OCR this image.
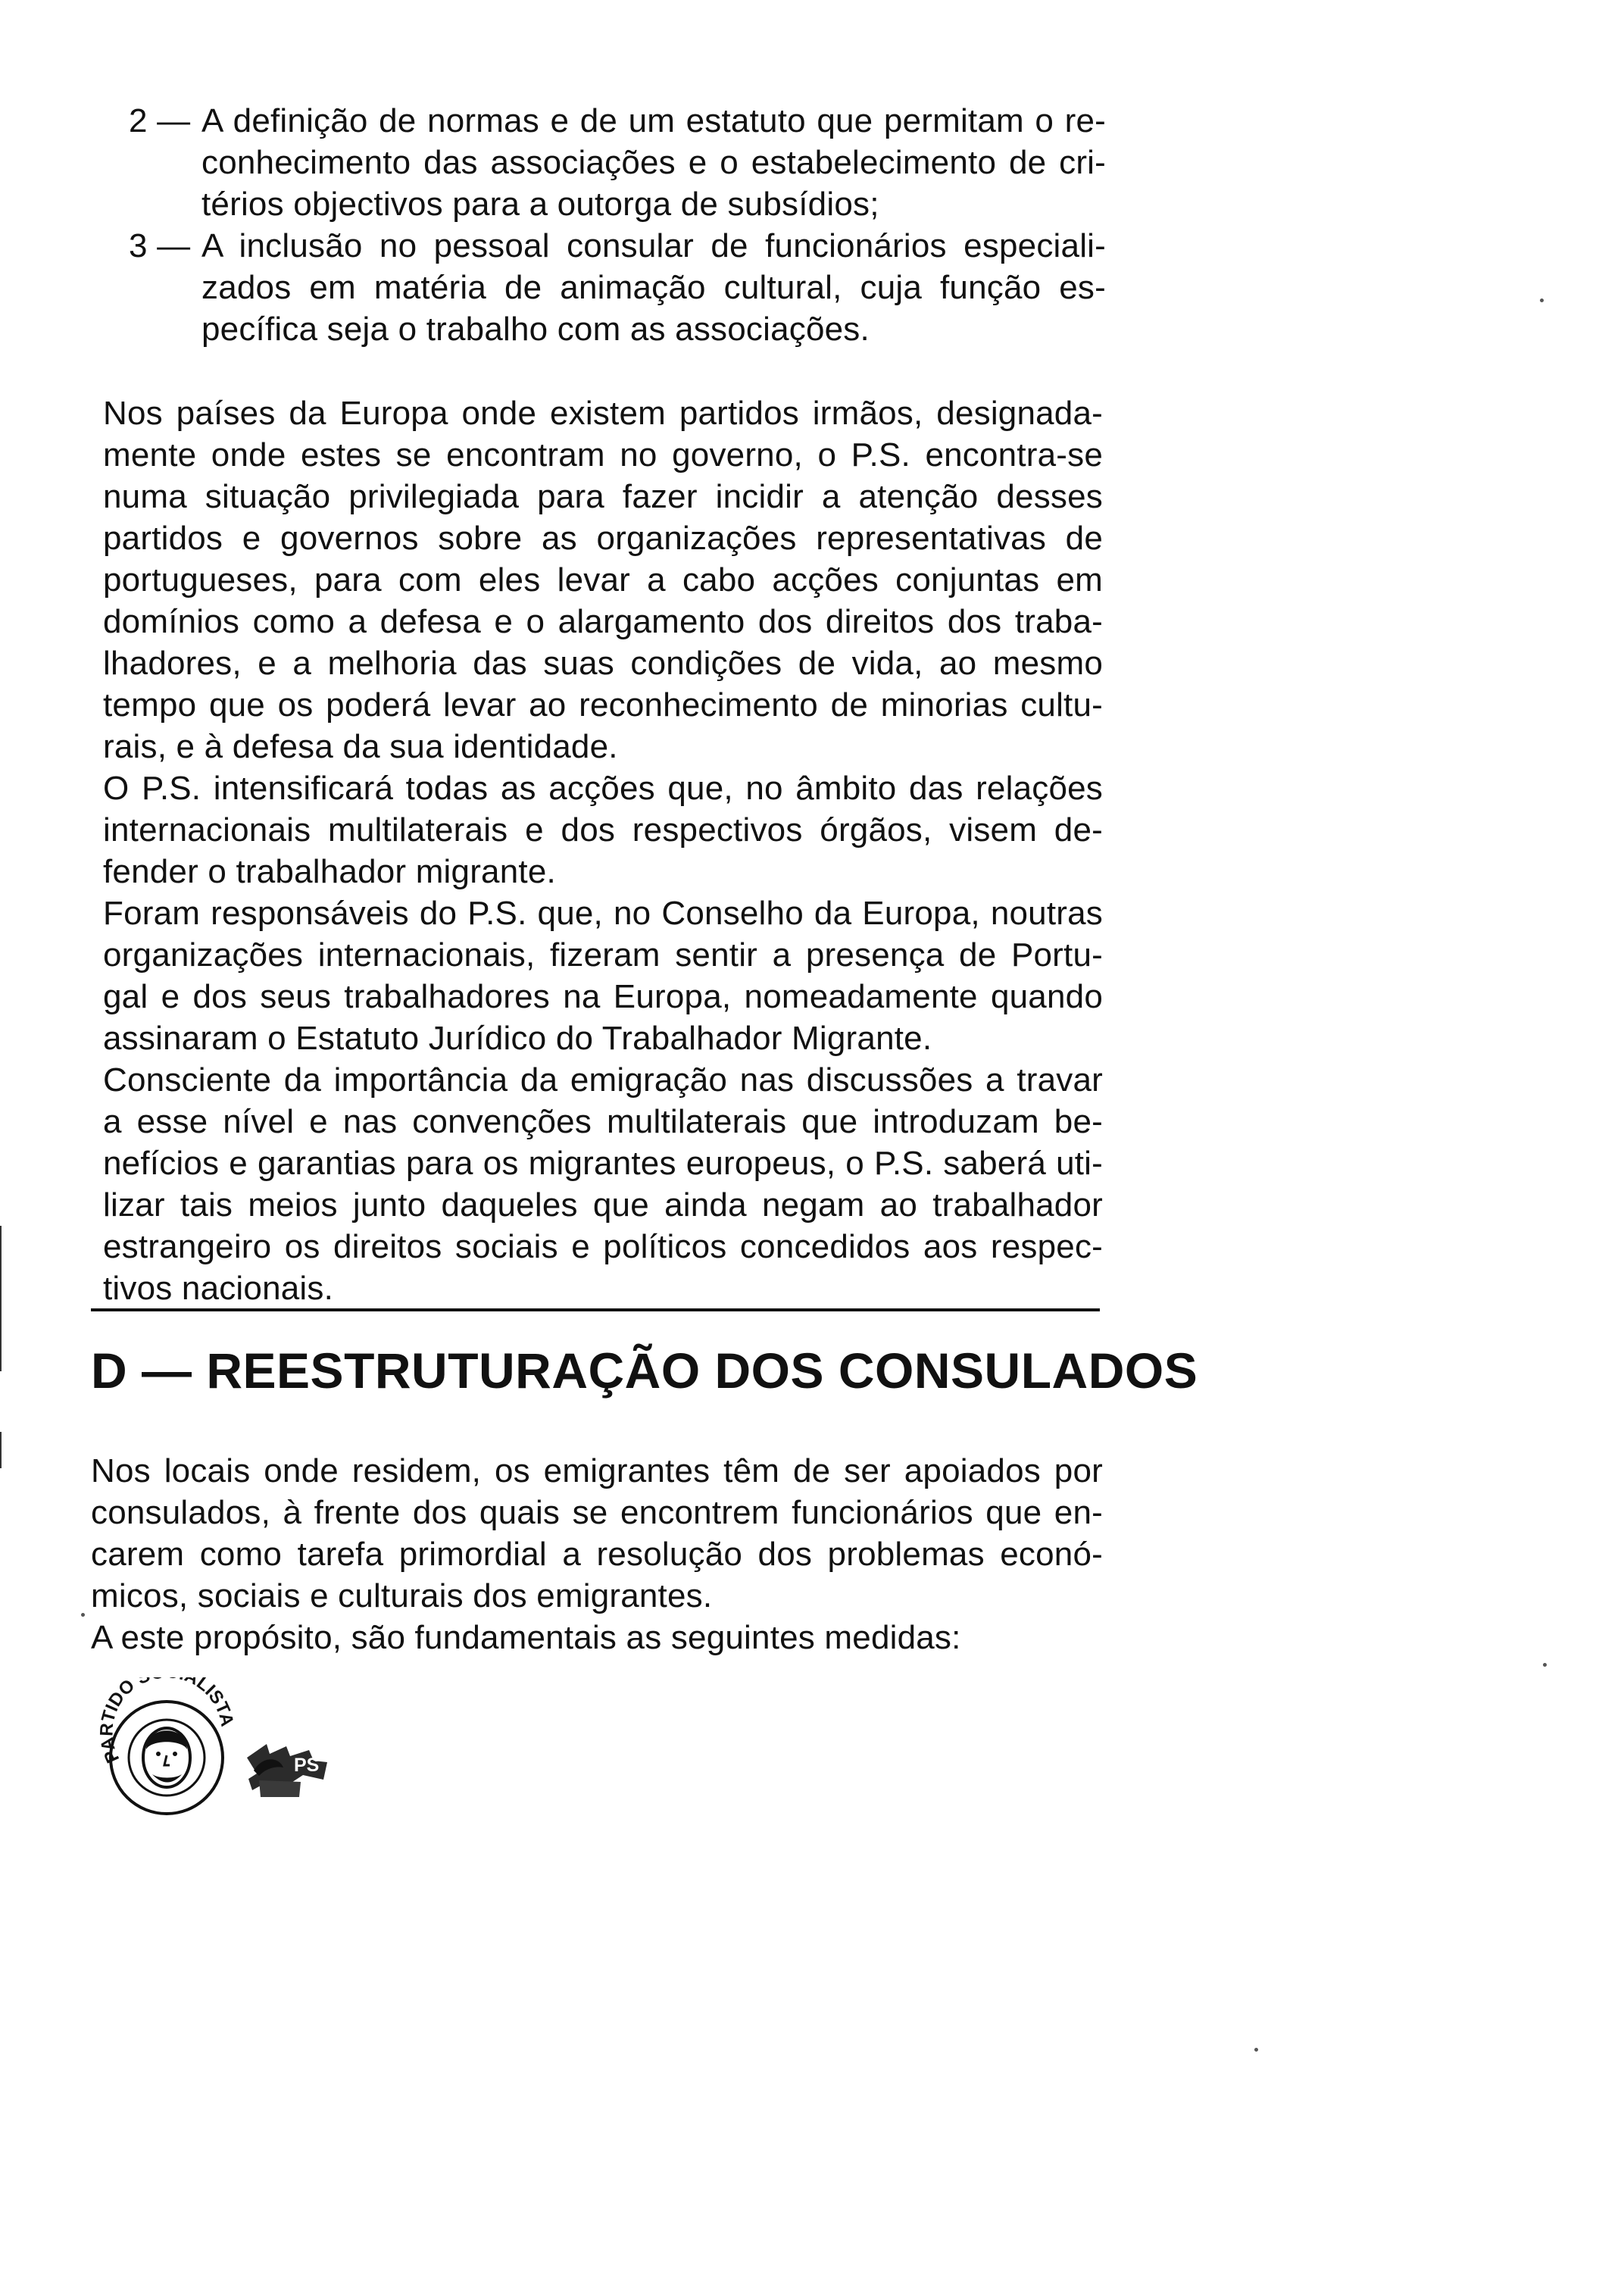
2 — A definição de normas e de um estatuto que permitam o re-
conhecimento das associações e o estabelecimento de cri-
térios objectivos para a outorga de subsídios;
3 — A inclusão no pessoal consular de funcionários especiali-
zados em matéria de animação cultural, cuja função es-
pecífica seja o trabalho com as associações.
Nos países da Europa onde existem partidos irmãos, designada-
mente onde estes se encontram no governo, o P.S. encontra-se
numa situação privilegiada para fazer incidir a atenção desses
partidos e governos sobre as organizações representativas de
portugueses, para com eles levar a cabo acções conjuntas em
domínios como a defesa e o alargamento dos direitos dos traba-
lhadores, e a melhoria das suas condições de vida, ao mesmo
tempo que os poderá levar ao reconhecimento de minorias cultu-
rais, e à defesa da sua identidade.
O P.S. intensificará todas as acções que, no âmbito das relações
internacionais multilaterais e dos respectivos órgãos, visem de-
fender o trabalhador migrante.
Foram responsáveis do P.S. que, no Conselho da Europa, noutras
organizações internacionais, fizeram sentir a presença de Portu-
gal e dos seus trabalhadores na Europa, nomeadamente quando
assinaram o Estatuto Jurídico do Trabalhador Migrante.
Consciente da importância da emigração nas discussões a travar
a esse nível e nas convenções multilaterais que introduzam be-
nefícios e garantias para os migrantes europeus, o P.S. saberá uti-
lizar tais meios junto daqueles que ainda negam ao trabalhador
estrangeiro os direitos sociais e políticos concedidos aos respec-
tivos nacionais.
D — REESTRUTURAÇÃO DOS CONSULADOS
Nos locais onde residem, os emigrantes têm de ser apoiados por
consulados, à frente dos quais se encontrem funcionários que en-
carem como tarefa primordial a resolução dos problemas econó-
micos, sociais e culturais dos emigrantes.
A este propósito, são fundamentais as seguintes medidas:
PARTIDO LISTA
PS
